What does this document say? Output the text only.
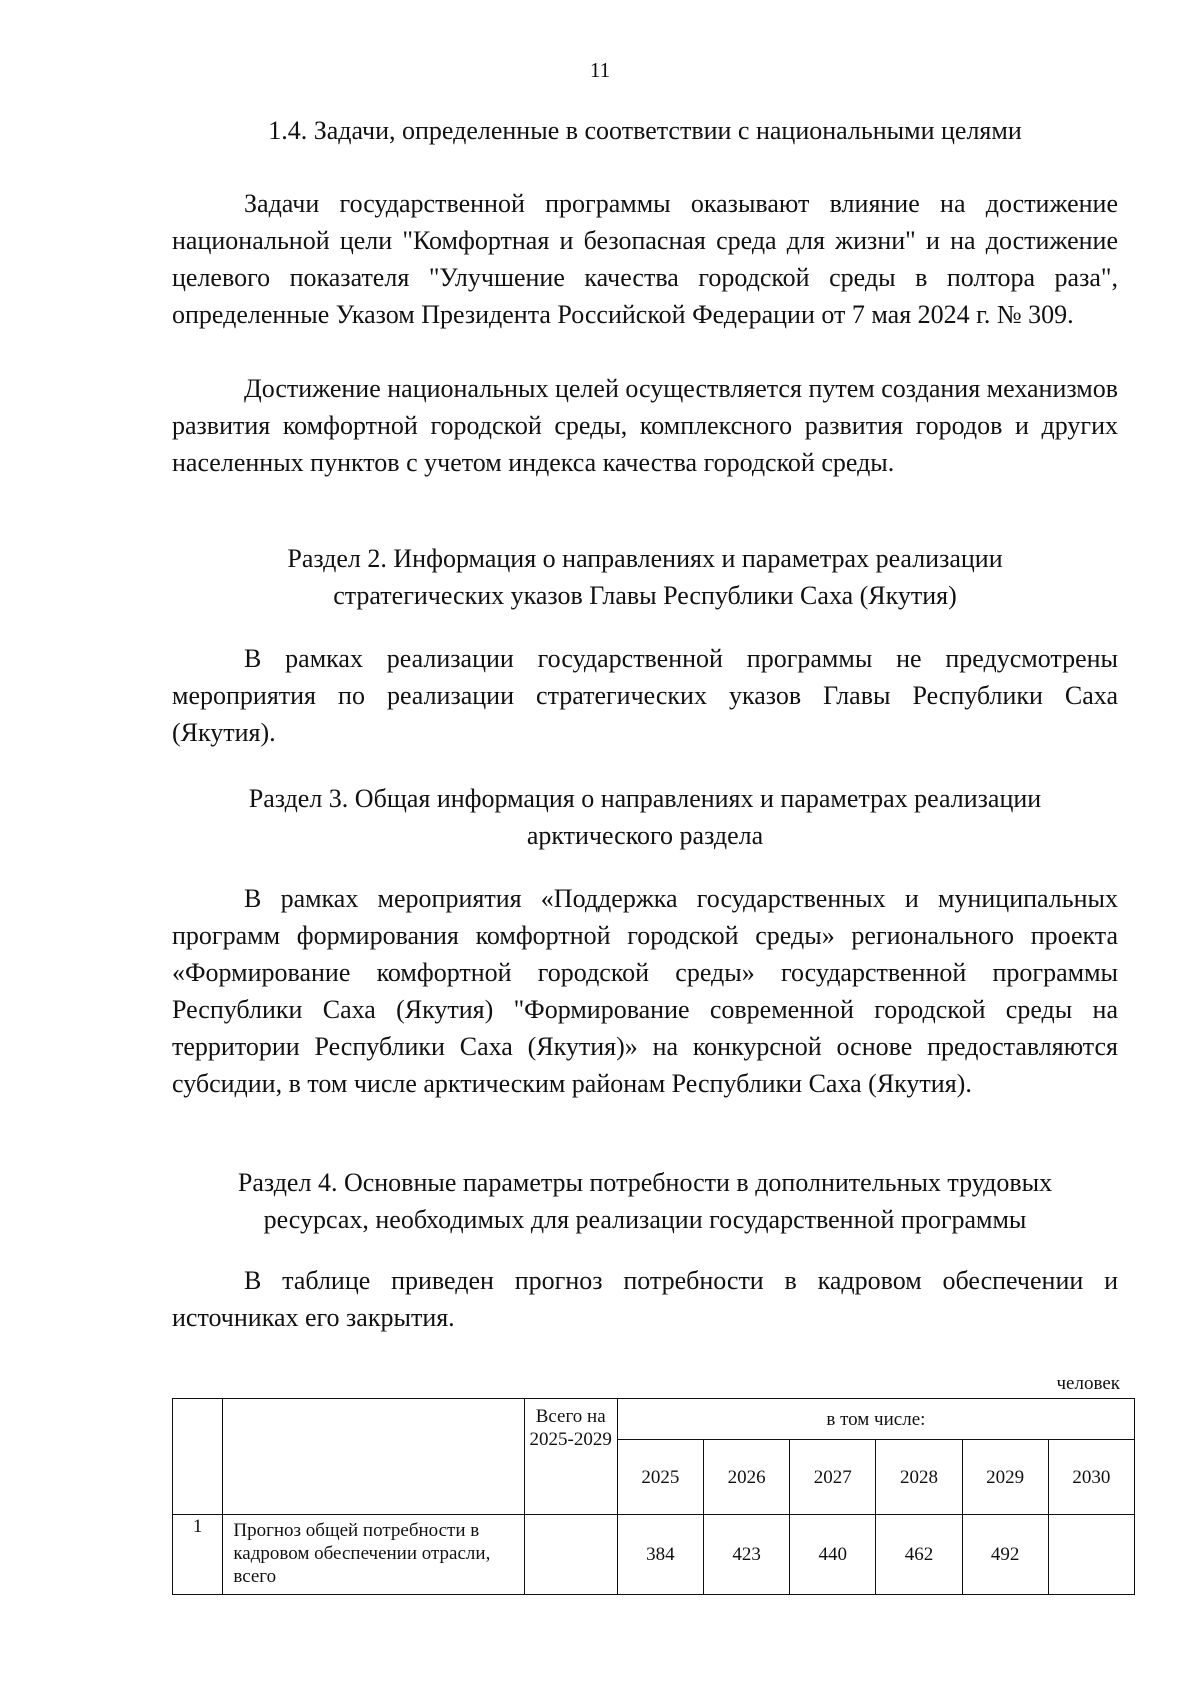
11
1.4. Задачи, определенные в соответствии с национальными целями

Задачи государственной программы оказывают влияние на достижение национальной цели "Комфортная и безопасная среда для жизни" и на достижение целевого показателя "Улучшение качества городской среды в полтора раза", определенные Указом Президента Российской Федерации от 7 мая 2024 г. № 309.

Достижение национальных целей осуществляется путем создания механизмов развития комфортной городской среды, комплексного развития городов и других населенных пунктов с учетом индекса качества городской среды.

Раздел 2. Информация о направлениях и параметрах реализации
стратегических указов Главы Республики Саха (Якутия)

В рамках реализации государственной программы не предусмотрены мероприятия по реализации стратегических указов Главы Республики Саха (Якутия).

Раздел 3. Общая информация о направлениях и параметрах реализации
арктического раздела

В рамках мероприятия «Поддержка государственных и муниципальных программ формирования комфортной городской среды» регионального проекта «Формирование комфортной городской среды» государственной программы Республики Саха (Якутия) "Формирование современной городской среды на территории Республики Саха (Якутия)» на конкурсной основе предоставляются субсидии, в том числе арктическим районам Республики Саха (Якутия).

Раздел 4. Основные параметры потребности в дополнительных трудовых
ресурсах, необходимых для реализации государственной программы

В таблице приведен прогноз потребности в кадровом обеспечении и источниках его закрытия.

человек
		Всего на 2025-2029	в том числе:					
			2025	2026	2027	2028	2029	2030
1	Прогноз общей потребности в кадровом обеспечении отрасли, всего		384	423	440	462	492	
